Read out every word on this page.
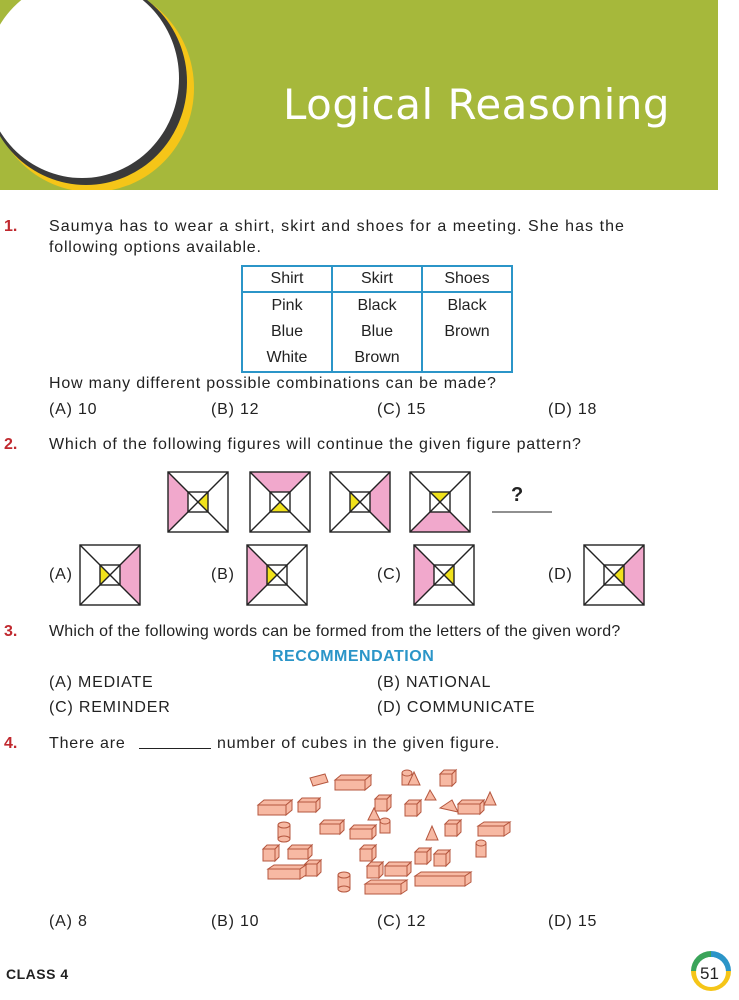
Logical Reasoning
1. Saumya has to wear a shirt, skirt and shoes for a meeting. She has the
following options available.
Shirt	Skirt	Shoes
Pink	Black	Black
Blue	Blue	Brown
White	Brown	
How many different possible combinations can be made?
(A) 10	(B) 12	(C) 15	(D) 18
2. Which of the following figures will continue the given figure pattern?
?
(A)	(B)	(C)	(D)
3. Which of the following words can be formed from the letters of the given word?
RECOMMENDATION
(A) MEDIATE	(B) NATIONAL
(C) REMINDER	(D) COMMUNICATE
4. There are	number of cubes in the given figure.
(A) 8	(B) 10	(C) 12	(D) 15
CLASS 4	51
